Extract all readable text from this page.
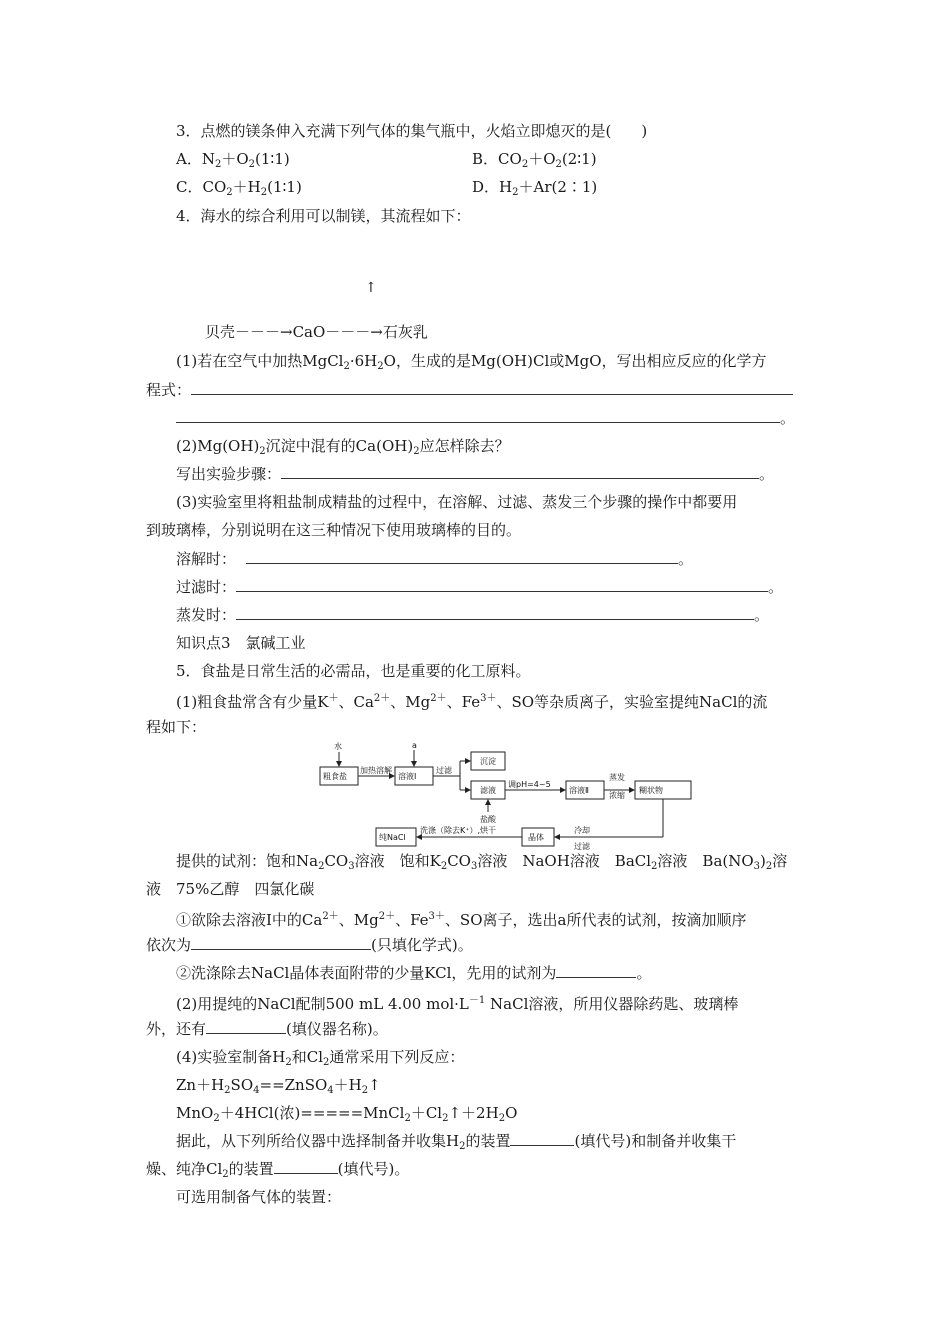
3．点燃的镁条伸入充满下列气体的集气瓶中，火焰立即熄灭的是(　　)
A．$N_2+O_2(1∶1)$	B．$CO_2+O_2(2∶1)$
C．$CO_2+H_2(1∶1)$	D．$H_2+Ar(2∶1)$
4．海水的综合利用可以制镁，其流程如下：
↑
贝壳－－－→CaO－－－→石灰乳
(1)若在空气中加热$MgCl_2\cdot 6H_2O$，生成的是Mg(OH)Cl或MgO，写出相应反应的化学方
程式：
。
$(2)Mg(OH)_2$沉淀中混有的$Ca(OH)_2$应怎样除去？
写出实验步骤：	。
(3)实验室里将粗盐制成精盐的过程中，在溶解、过滤、蒸发三个步骤的操作中都要用
到玻璃棒，分别说明在这三种情况下使用玻璃棒的目的。
溶解时：	。
过滤时：	。
蒸发时：	。
知识点3　氯碱工业
5．食盐是日常生活的必需品，也是重要的化工原料。
(1)粗食盐常含有少量K＋、$Ca^{2+}$、$Mg^{2+}$、$Fe^{3+}$、SO等杂质离子，实验室提纯NaCl的流
程如下：
水	a
粗食盐
加热溶解
溶液Ⅰ
过滤
沉淀
滤液
调pH=4~5
溶液Ⅱ
蒸发
浓缩
糊状物
盐酸
纯NaCl
洗涤（除去K⁺）,烘干
晶体
冷却
过滤
提供的试剂：饱和$Na_2CO_3$溶液　饱和$K_2CO_3$溶液　NaOH溶液　BaCl$_2$溶液　$Ba(NO_3)_2$溶
液　75%乙醇　四氯化碳
①欲除去溶液Ⅰ中的$Ca^{2+}$、$Mg^{2+}$、$Fe^{3+}$、SO离子，选出a所代表的试剂，按滴加顺序
依次为	(只填化学式)。
②洗涤除去NaCl晶体表面附带的少量KCl，先用的试剂为	。
(2)用提纯的NaCl配制500 mL 4.00 $mol\cdot L^{-1}$ NaCl溶液，所用仪器除药匙、玻璃棒
外，还有	(填仪器名称)。
(4)实验室制备$H_2$和$Cl_2$通常采用下列反应：
$Zn+H_2SO_4==ZnSO_4+H_2↑$
MnO$_2$＋4HCl(浓)$=====MnCl_2+Cl_2↑+2H_2O$
据此，从下列所给仪器中选择制备并收集$H_2$的装置	(填代号)和制备并收集干
燥、纯净$Cl_2$的装置	(填代号)。
可选用制备气体的装置：
